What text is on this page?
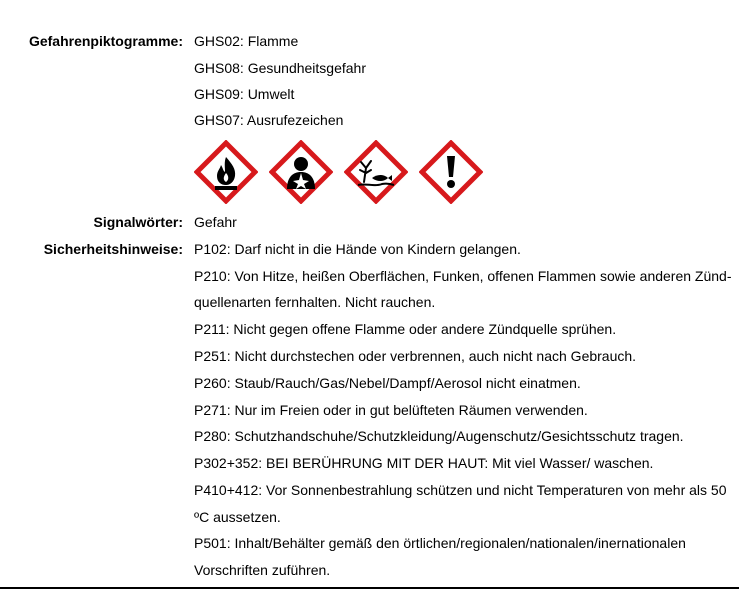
Gefahrenpiktogramme: GHS02: Flamme
GHS08: Gesundheitsgefahr
GHS09: Umwelt
GHS07: Ausrufezeichen
Signalwörter: Gefahr
Sicherheitshinweise: P102: Darf nicht in die Hände von Kindern gelangen.
P210: Von Hitze, heißen Oberflächen, Funken, offenen Flammen sowie anderen Zünd-
quellenarten fernhalten. Nicht rauchen.
P211: Nicht gegen offene Flamme oder andere Zündquelle sprühen.
P251: Nicht durchstechen oder verbrennen, auch nicht nach Gebrauch.
P260: Staub/Rauch/Gas/Nebel/Dampf/Aerosol nicht einatmen.
P271: Nur im Freien oder in gut belüfteten Räumen verwenden.
P280: Schutzhandschuhe/Schutzkleidung/Augenschutz/Gesichtsschutz tragen.
P302+352: BEI BERÜHRUNG MIT DER HAUT: Mit viel Wasser/ waschen.
P410+412: Vor Sonnenbestrahlung schützen und nicht Temperaturen von mehr als 50
ºC aussetzen.
P501: Inhalt/Behälter gemäß den örtlichen/regionalen/nationalen/inernationalen
Vorschriften zuführen.
